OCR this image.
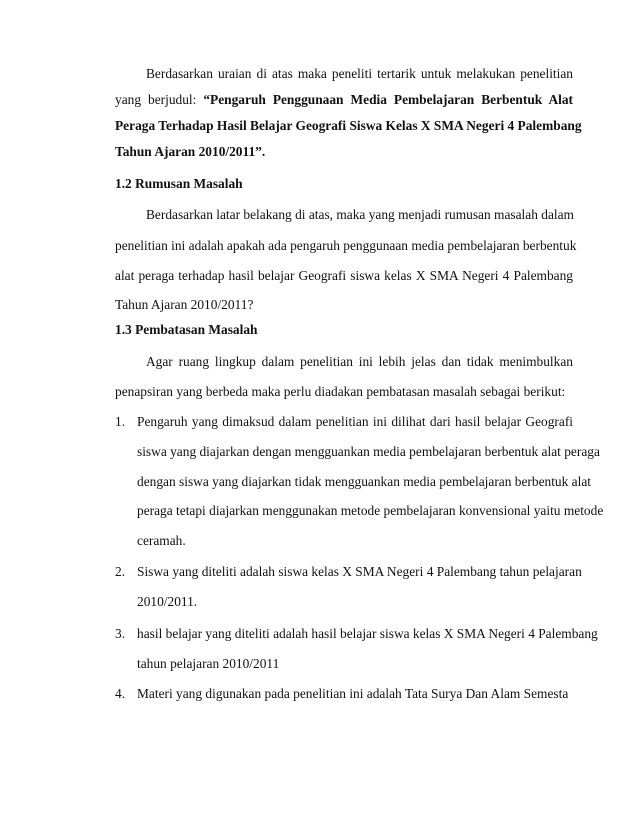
Berdasarkan uraian di atas maka peneliti tertarik untuk melakukan penelitian
yang berjudul: “Pengaruh Penggunaan Media Pembelajaran Berbentuk Alat
Peraga Terhadap Hasil Belajar Geografi Siswa Kelas X SMA Negeri 4 Palembang
Tahun Ajaran 2010/2011”.
1.2 Rumusan Masalah
Berdasarkan latar belakang di atas, maka yang menjadi rumusan masalah dalam
penelitian ini adalah apakah ada pengaruh penggunaan media pembelajaran berbentuk
alat peraga terhadap hasil belajar Geografi siswa kelas X SMA Negeri 4 Palembang
Tahun Ajaran 2010/2011?
1.3 Pembatasan Masalah
Agar ruang lingkup dalam penelitian ini lebih jelas dan tidak menimbulkan
penapsiran yang berbeda maka perlu diadakan pembatasan masalah sebagai berikut:
1. Pengaruh yang dimaksud dalam penelitian ini dilihat dari hasil belajar Geografi
siswa yang diajarkan dengan mengguankan media pembelajaran berbentuk alat peraga
dengan siswa yang diajarkan tidak mengguankan media pembelajaran berbentuk alat
peraga tetapi diajarkan menggunakan metode pembelajaran konvensional yaitu metode
ceramah.
2. Siswa yang diteliti adalah siswa kelas X SMA Negeri 4 Palembang tahun pelajaran
2010/2011.
3. hasil belajar yang diteliti adalah hasil belajar siswa kelas X SMA Negeri 4 Palembang
tahun pelajaran 2010/2011
4. Materi yang digunakan pada penelitian ini adalah Tata Surya Dan Alam Semesta
